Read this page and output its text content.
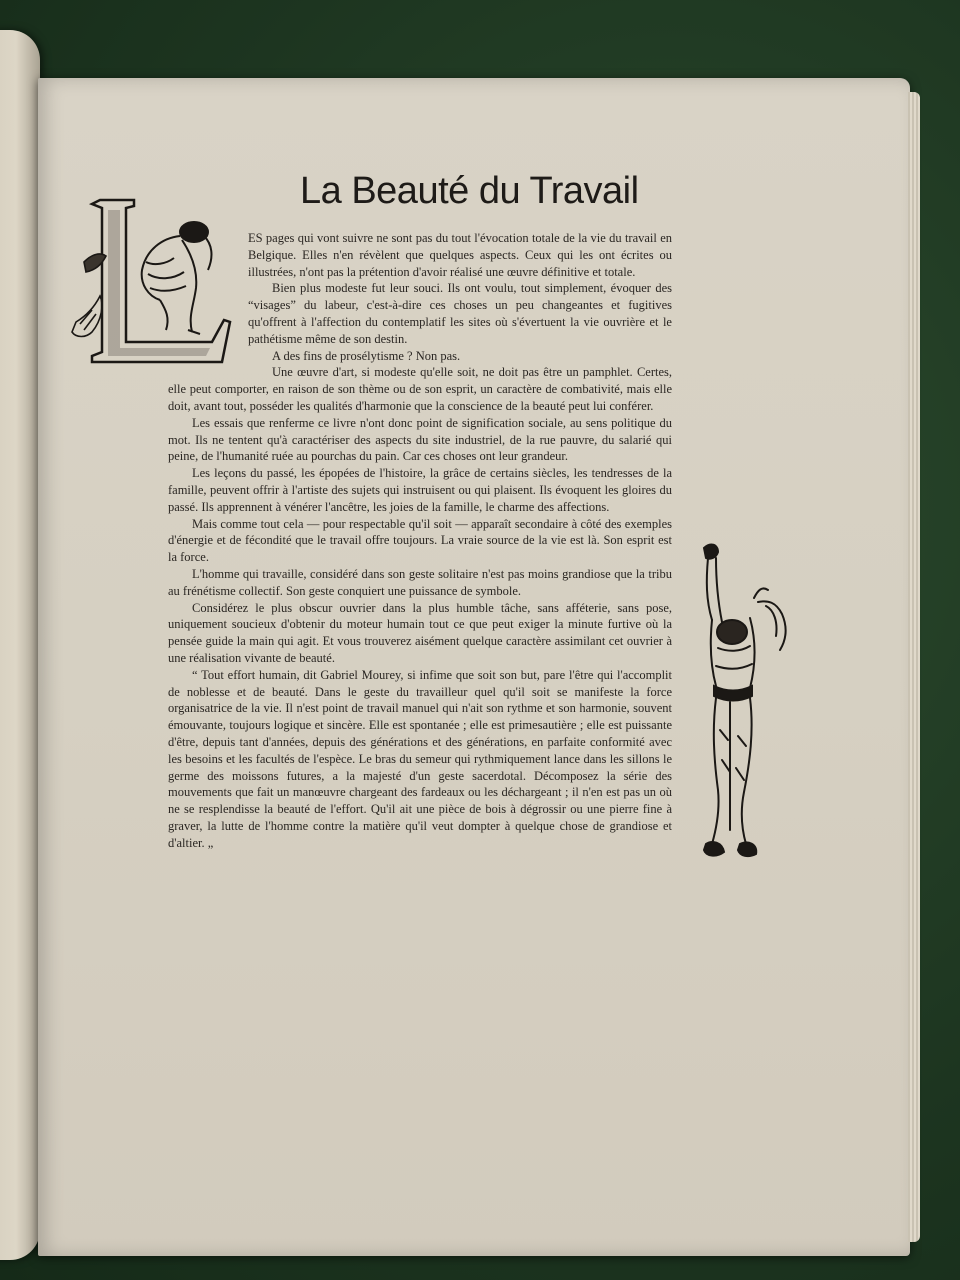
La Beauté du Travail

ES pages qui vont suivre ne sont pas du tout l'évocation totale de la vie du travail en Belgique. Elles n'en révèlent que quelques aspects. Ceux qui les ont écrites ou illustrées, n'ont pas la prétention d'avoir réalisé une œuvre définitive et totale.

Bien plus modeste fut leur souci. Ils ont voulu, tout simplement, évoquer des “visages” du labeur, c'est-à-dire ces choses un peu changeantes et fugitives qu'offrent à l'affection du contemplatif les sites où s'évertuent la vie ouvrière et le pathétisme même de son destin.

A des fins de prosélytisme ? Non pas.

Une œuvre d'art, si modeste qu'elle soit, ne doit pas être un pamphlet. Certes, elle peut comporter, en raison de son thème ou de son esprit, un caractère de combativité, mais elle doit, avant tout, posséder les qualités d'harmonie que la conscience de la beauté peut lui conférer.

Les essais que renferme ce livre n'ont donc point de signification sociale, au sens politique du mot. Ils ne tentent qu'à caractériser des aspects du site industriel, de la rue pauvre, du salarié qui peine, de l'humanité ruée au pourchas du pain. Car ces choses ont leur grandeur.

Les leçons du passé, les épopées de l'histoire, la grâce de certains siècles, les tendresses de la famille, peuvent offrir à l'artiste des sujets qui instruisent ou qui plaisent. Ils évoquent les gloires du passé. Ils apprennent à vénérer l'ancêtre, les joies de la famille, le charme des affections.

Mais comme tout cela — pour respectable qu'il soit — apparaît secondaire à côté des exemples d'énergie et de fécondité que le travail offre toujours. La vraie source de la vie est là. Son esprit est la force.

L'homme qui travaille, considéré dans son geste solitaire n'est pas moins grandiose que la tribu au frénétisme collectif. Son geste conquiert une puissance de symbole.

Considérez le plus obscur ouvrier dans la plus humble tâche, sans afféterie, sans pose, uniquement soucieux d'obtenir du moteur humain tout ce que peut exiger la minute furtive où la pensée guide la main qui agit. Et vous trouverez aisément quelque caractère assimilant cet ouvrier à une réalisation vivante de beauté.

“ Tout effort humain, dit Gabriel Mourey, si infime que soit son but, pare l'être qui l'accomplit de noblesse et de beauté. Dans le geste du travailleur quel qu'il soit se manifeste la force organisatrice de la vie. Il n'est point de travail manuel qui n'ait son rythme et son harmonie, souvent émouvante, toujours logique et sincère. Elle est spontanée ; elle est primesautière ; elle est puissante d'être, depuis tant d'années, depuis des générations et des générations, en parfaite conformité avec les besoins et les facultés de l'espèce. Le bras du semeur qui rythmiquement lance dans les sillons le germe des moissons futures, a la majesté d'un geste sacerdotal. Décomposez la série des mouvements que fait un manœuvre chargeant des fardeaux ou les déchargeant ; il n'en est pas un où ne se resplendisse la beauté de l'effort. Qu'il ait une pièce de bois à dégrossir ou une pierre fine à graver, la lutte de l'homme contre la matière qu'il veut dompter à quelque chose de grandiose et d'altier. „
